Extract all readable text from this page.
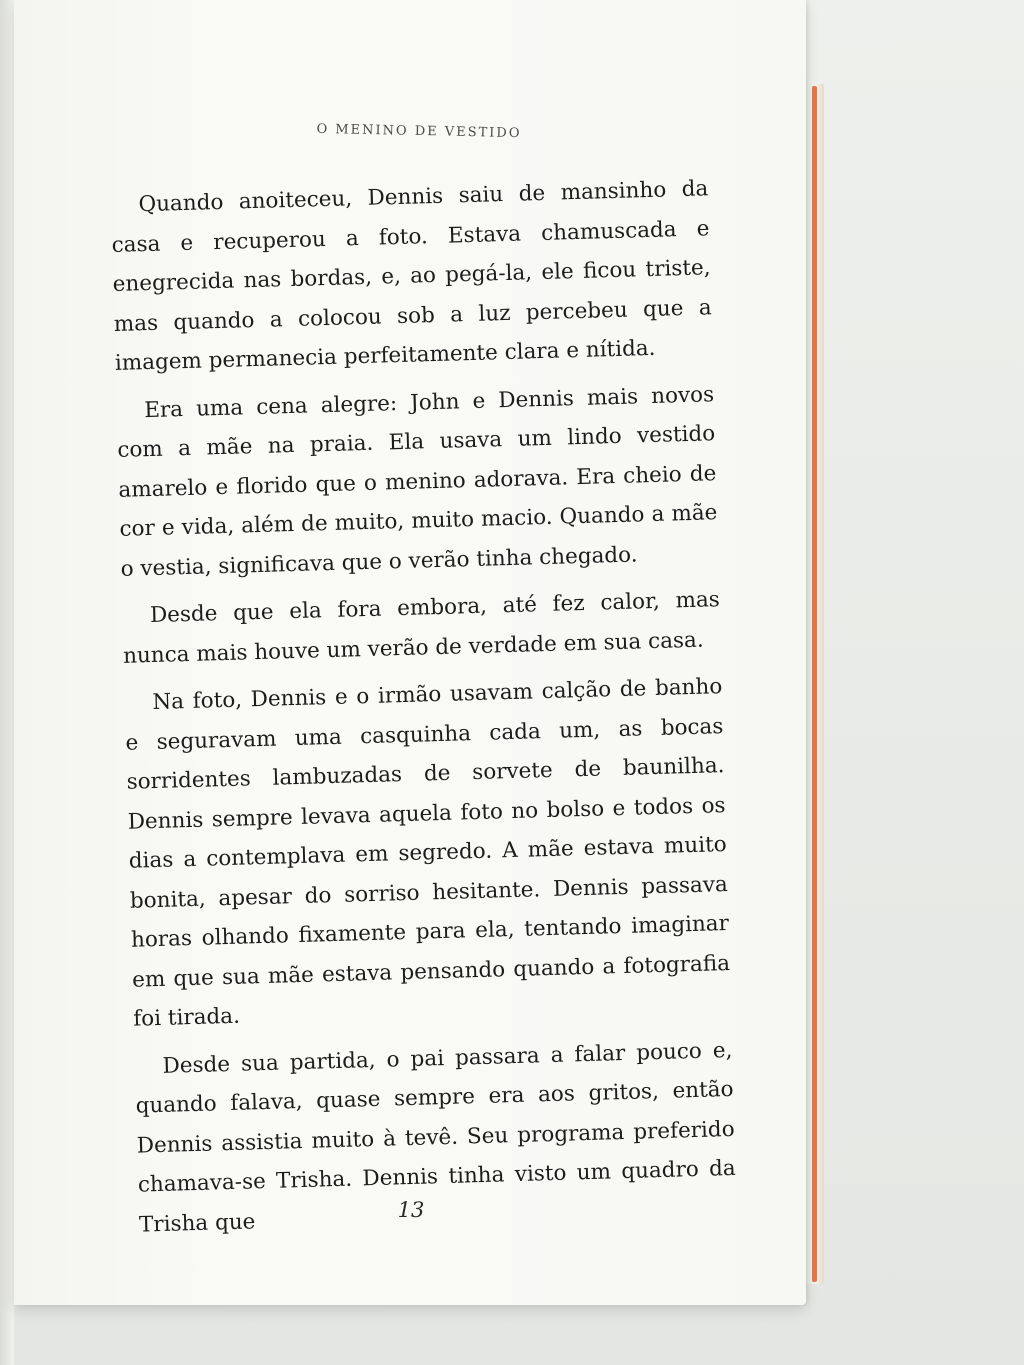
O MENINO DE VESTIDO

Quando anoiteceu, Dennis saiu de mansinho da casa e recuperou a foto. Estava chamuscada e enegrecida nas bordas, e, ao pegá-la, ele ficou triste, mas quando a colocou sob a luz percebeu que a imagem permanecia perfeitamente clara e nítida.

Era uma cena alegre: John e Dennis mais novos com a mãe na praia. Ela usava um lindo vestido amarelo e florido que o menino adorava. Era cheio de cor e vida, além de muito, muito macio. Quando a mãe o vestia, significava que o verão tinha chegado.

Desde que ela fora embora, até fez calor, mas nunca mais houve um verão de verdade em sua casa.

Na foto, Dennis e o irmão usavam calção de banho e seguravam uma casquinha cada um, as bocas sorridentes lambuzadas de sorvete de baunilha. Dennis sempre levava aquela foto no bolso e todos os dias a contemplava em segredo. A mãe estava muito bonita, apesar do sorriso hesitante. Dennis passava horas olhando fixamente para ela, tentando imaginar em que sua mãe estava pensando quando a fotografia foi tirada.

Desde sua partida, o pai passara a falar pouco e, quando falava, quase sempre era aos gritos, então Dennis assistia muito à tevê. Seu programa preferido chamava-se Trisha. Dennis tinha visto um quadro da Trisha que	13
